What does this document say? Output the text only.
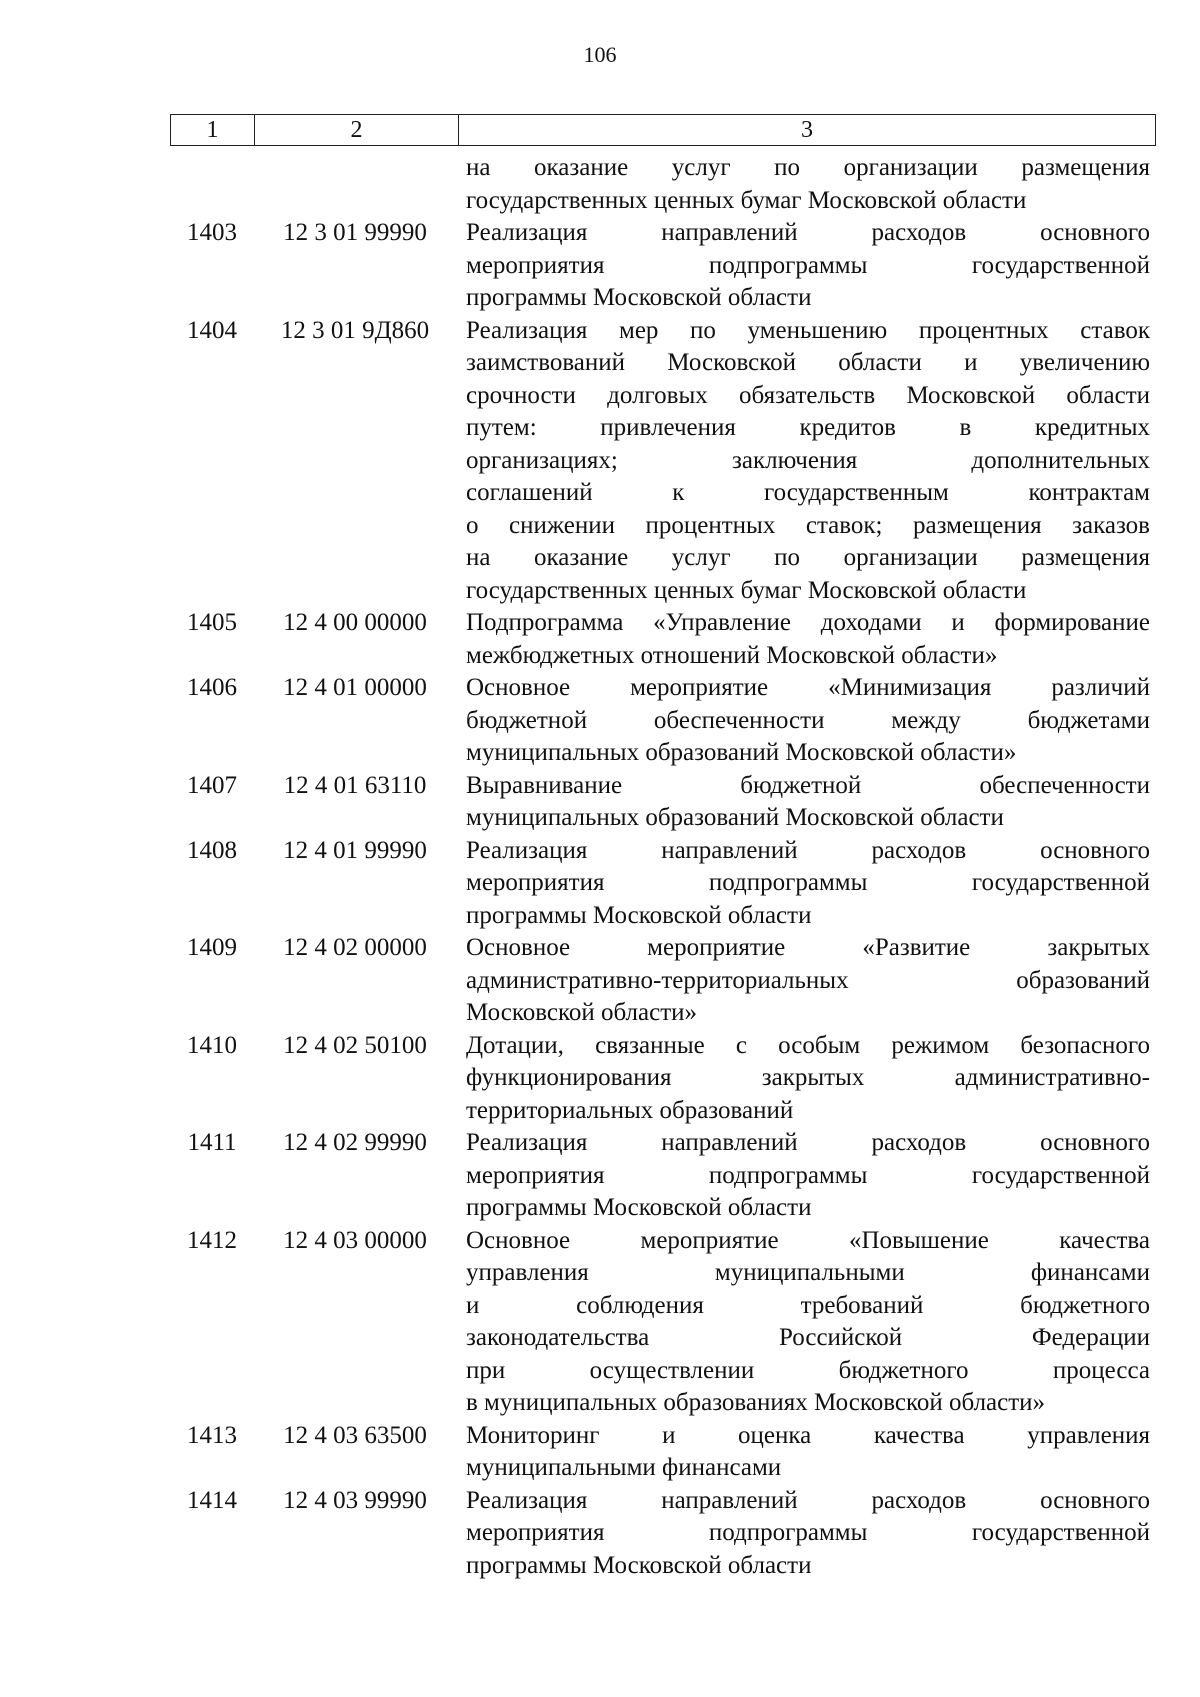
106
1	2	3
на оказание услуг по организации размещения
государственных ценных бумаг Московской области
1403	12 3 01 99990	Реализация направлений расходов основного
мероприятия подпрограммы государственной
программы Московской области
1404	12 3 01 9Д860	Реализация мер по уменьшению процентных ставок
заимствований Московской области и увеличению
срочности долговых обязательств Московской области
путем: привлечения кредитов в кредитных
организациях; заключения дополнительных
соглашений к государственным контрактам
о снижении процентных ставок; размещения заказов
на оказание услуг по организации размещения
государственных ценных бумаг Московской области
1405	12 4 00 00000	Подпрограмма «Управление доходами и формирование
межбюджетных отношений Московской области»
1406	12 4 01 00000	Основное мероприятие «Минимизация различий
бюджетной обеспеченности между бюджетами
муниципальных образований Московской области»
1407	12 4 01 63110	Выравнивание бюджетной обеспеченности
муниципальных образований Московской области
1408	12 4 01 99990	Реализация направлений расходов основного
мероприятия подпрограммы государственной
программы Московской области
1409	12 4 02 00000	Основное мероприятие «Развитие закрытых
административно-территориальных образований
Московской области»
1410	12 4 02 50100	Дотации, связанные с особым режимом безопасного
функционирования закрытых административно-
территориальных образований
1411	12 4 02 99990	Реализация направлений расходов основного
мероприятия подпрограммы государственной
программы Московской области
1412	12 4 03 00000	Основное мероприятие «Повышение качества
управления муниципальными финансами
и соблюдения требований бюджетного
законодательства Российской Федерации
при осуществлении бюджетного процесса
в муниципальных образованиях Московской области»
1413	12 4 03 63500	Мониторинг и оценка качества управления
муниципальными финансами
1414	12 4 03 99990	Реализация направлений расходов основного
мероприятия подпрограммы государственной
программы Московской области
